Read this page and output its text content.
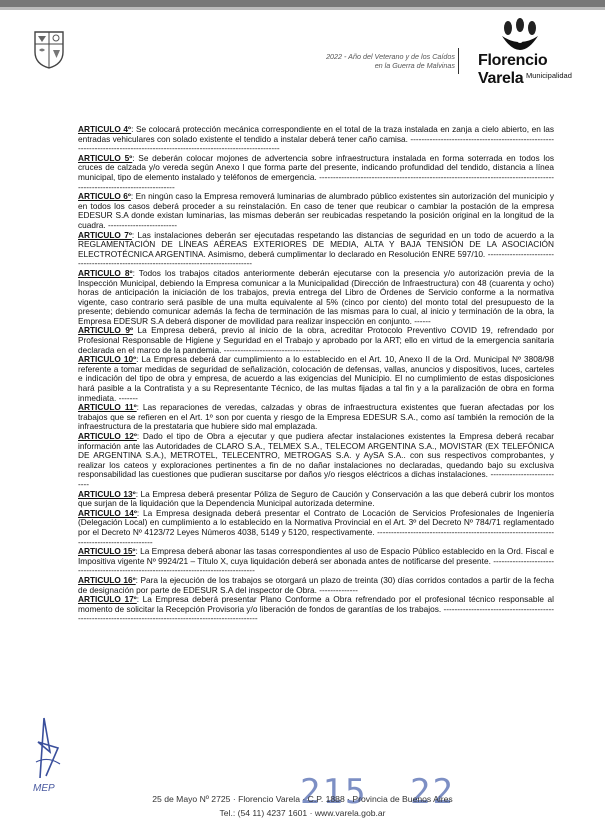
2022 - Año del Veterano y de los Caídos
en la Guerra de Malvinas Florencio Varela Municipalidad

ARTICULO 4º: Se colocará protección mecánica correspondiente en el total de la traza instalada en zanja a cielo abierto, en las entradas vehiculares con solado existente el tendido a instalar deberá tener caño camisa. -----------------------------------------------------------------------------------------------------------------------------

ARTICULO 5º: Se deberán colocar mojones de advertencia sobre infraestructura instalada en forma soterrada en todos los cruces de calzada y/o vereda según Anexo I que forma parte del presente, indicando profundidad del tendido, distancia a línea municipal, tipo de elemento instalado y teléfonos de emergencia. ------------------------------------------------------------------------------------------------------------------------

ARTICULO 6º: En ningún caso la Empresa removerá luminarias de alumbrado público existentes sin autorización del municipio y en todos los casos deberá proceder a su reinstalación. En caso de tener que reubicar o cambiar la postación de la empresa EDESUR S.A donde existan luminarias, las mismas deberán ser reubicadas respetando la posición original en la longitud de la cuadra. -------------------------

ARTICULO 7º: Las instalaciones deberán ser ejecutadas respetando las distancias de seguridad en un todo de acuerdo a la REGLAMENTACIÓN DE LÍNEAS AÉREAS EXTERIORES DE MEDIA, ALTA Y BAJA TENSIÓN DE LA ASOCIACIÓN ELECTROTÉCNICA ARGENTINA. Asimismo, deberá cumplimentar lo declarado en Resolución ENRE 597/10. ---------------------------------------------------------------------------------------

ARTICULO 8º: Todos los trabajos citados anteriormente deberán ejecutarse con la presencia y/o autorización previa de la Inspección Municipal, debiendo la Empresa comunicar a la Municipalidad (Dirección de Infraestructura) con 48 (cuarenta y ocho) horas de anticipación la iniciación de los trabajos, previa entrega del Libro de Órdenes de Servicio conforme a la normativa vigente, caso contrario será pasible de una multa equivalente al 5% (cinco por ciento) del monto total del presupuesto de la presente; debiendo comunicar además la fecha de terminación de las mismas para lo cual, al inicio y terminación de la obra, la Empresa EDESUR S.A deberá disponer de movilidad para realizar inspección en conjunto. ------

ARTICULO 9º La Empresa deberá, previo al inicio de la obra, acreditar Protocolo Preventivo COVID 19, refrendado por Profesional Responsable de Higiene y Seguridad en el Trabajo y aprobado por la ART; ello en virtud de la emergencia sanitaria declarada en el marco de la pandemia. -----------------------------------

ARTICULO 10º: La Empresa deberá dar cumplimiento a lo establecido en el Art. 10, Anexo II de la Ord. Municipal Nº 3808/98 referente a tomar medidas de seguridad de señalización, colocación de defensas, vallas, anuncios y dispositivos, luces, carteles e indicación del tipo de obra y empresa, de acuerdo a las exigencias del Municipio. El no cumplimiento de estas disposiciones hará pasible a la Contratista y a su Representante Técnico, de las multas fijadas a tal fin y a la paralización de obra en forma inmediata. -------

ARTICULO 11º: Las reparaciones de veredas, calzadas y obras de infraestructura existentes que fueran afectadas por los trabajos que se refieren en el Art. 1º son por cuenta y riesgo de la Empresa EDESUR S.A., como así también la remoción de la infraestructura de la prestataria que hubiere sido mal emplazada.

ARTICULO 12º: Dado el tipo de Obra a ejecutar y que pudiera afectar instalaciones existentes la Empresa deberá recabar información ante las Autoridades de CLARO S.A., TELMEX S.A., TELECOM ARGENTINA S.A., MOVISTAR (EX TELEFÓNICA DE ARGENTINA S.A.), METROTEL, TELECENTRO, METROGAS S.A. y AySA S.A.. con sus respectivos comprobantes, y realizar los cateos y exploraciones pertinentes a fin de no dañar instalaciones no declaradas, quedando bajo su exclusiva responsabilidad las cuestiones que pudieran suscitarse por daños y/o riesgos eléctricos a dichas instalaciones. ---------------------------

ARTICULO 13º: La Empresa deberá presentar Póliza de Seguro de Caución y Conservación a las que deberá cubrir los montos que surjan de la liquidación que la Dependencia Municipal autorizada determine.

ARTICULO 14º: La Empresa designada deberá presentar el Contrato de Locación de Servicios Profesionales de Ingeniería (Delegación Local) en cumplimiento a lo establecido en la Normativa Provincial en el Art. 3º del Decreto Nº 784/71 reglamentado por el Decreto Nº 4123/72 Leyes Números 4038, 5149 y 5120, respectivamente. -------------------------------------------------------------------------------------------

ARTICULO 15º: La Empresa deberá abonar las tasas correspondientes al uso de Espacio Público establecido en la Ord. Fiscal e Impositiva vigente Nº 9924/21 – Título X, cuya liquidación deberá ser abonada antes de notificarse del presente. --------------------------------------------------------------------------------------

ARTICULO 16º: Para la ejecución de los trabajos se otorgará un plazo de treinta (30) días corridos contados a partir de la fecha de designación por parte de EDESUR S.A del inspector de Obra. --------------

ARTICULO 17º: La Empresa deberá presentar Plano Conforme a Obra refrendado por el profesional técnico responsable al momento de solicitar la Recepción Provisoria y/o liberación de fondos de garantías de los trabajos. ---------------------------------------------------------------------------------------------------------

MEP	215 22
25 de Mayo Nº 2725 · Florencio Varela · C.P. 1888 · Provincia de Buenos Aires
Tel.: (54 11) 4237 1601 · www.varela.gob.ar
